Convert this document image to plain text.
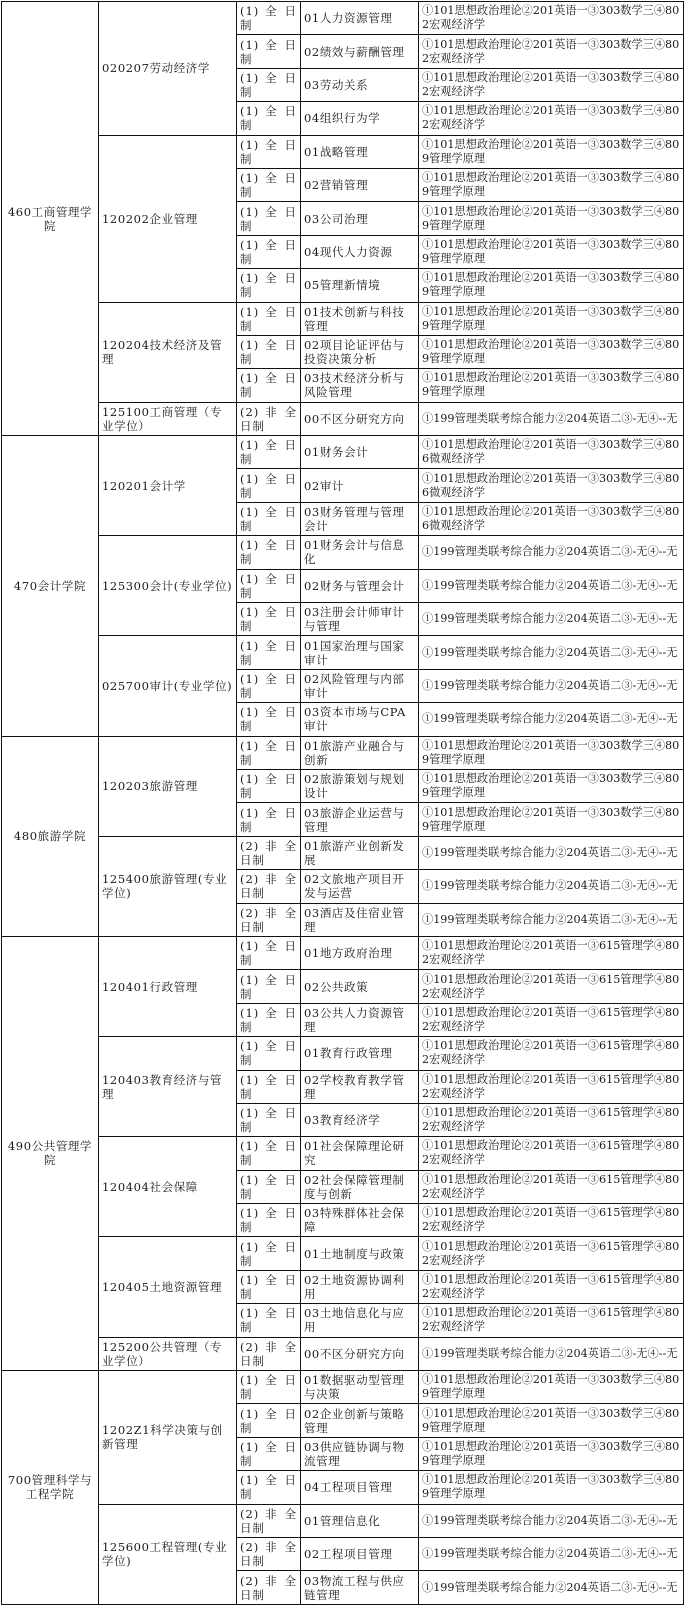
460工商管理学院	020207劳动经济学	(1) 全 日制	01人力资源管理	①101思想政治理论②201英语一③303数学三④802宏观经济学
		(1) 全 日制	02绩效与薪酬管理	①101思想政治理论②201英语一③303数学三④802宏观经济学
		(1) 全 日制	03劳动关系	①101思想政治理论②201英语一③303数学三④802宏观经济学
		(1) 全 日制	04组织行为学	①101思想政治理论②201英语一③303数学三④802宏观经济学
	120202企业管理	(1) 全 日制	01战略管理	①101思想政治理论②201英语一③303数学三④809管理学原理
		(1) 全 日制	02营销管理	①101思想政治理论②201英语一③303数学三④809管理学原理
		(1) 全 日制	03公司治理	①101思想政治理论②201英语一③303数学三④809管理学原理
		(1) 全 日制	04现代人力资源	①101思想政治理论②201英语一③303数学三④809管理学原理
		(1) 全 日制	05管理新情境	①101思想政治理论②201英语一③303数学三④809管理学原理
	120204技术经济及管理	(1) 全 日制	01技术创新与科技管理	①101思想政治理论②201英语一③303数学三④809管理学原理
		(1) 全 日制	02项目论证评估与投资决策分析	①101思想政治理论②201英语一③303数学三④809管理学原理
		(1) 全 日制	03技术经济分析与风险管理	①101思想政治理论②201英语一③303数学三④809管理学原理
	125100工商管理（专业学位）	(2) 非 全日制	00不区分研究方向	①199管理类联考综合能力②204英语二③-无④--无
470会计学院	120201会计学	(1) 全 日制	01财务会计	①101思想政治理论②201英语一③303数学三④806微观经济学
		(1) 全 日制	02审计	①101思想政治理论②201英语一③303数学三④806微观经济学
		(1) 全 日制	03财务管理与管理会计	①101思想政治理论②201英语一③303数学三④806微观经济学
	125300会计(专业学位)	(1) 全 日制	01财务会计与信息化	①199管理类联考综合能力②204英语二③-无④--无
		(1) 全 日制	02财务与管理会计	①199管理类联考综合能力②204英语二③-无④--无
		(1) 全 日制	03注册会计师审计与管理	①199管理类联考综合能力②204英语二③-无④--无
	025700审计(专业学位)	(1) 全 日制	01国家治理与国家审计	①199管理类联考综合能力②204英语二③-无④--无
		(1) 全 日制	02风险管理与内部审计	①199管理类联考综合能力②204英语二③-无④--无
		(1) 全 日制	03资本市场与CPA审计	①199管理类联考综合能力②204英语二③-无④--无
480旅游学院	120203旅游管理	(1) 全 日制	01旅游产业融合与创新	①101思想政治理论②201英语一③303数学三④809管理学原理
		(1) 全 日制	02旅游策划与规划设计	①101思想政治理论②201英语一③303数学三④809管理学原理
		(1) 全 日制	03旅游企业运营与管理	①101思想政治理论②201英语一③303数学三④809管理学原理
	125400旅游管理(专业学位)	(2) 非 全日制	01旅游产业创新发展	①199管理类联考综合能力②204英语二③-无④--无
		(2) 非 全日制	02文旅地产项目开发与运营	①199管理类联考综合能力②204英语二③-无④--无
		(2) 非 全日制	03酒店及住宿业管理	①199管理类联考综合能力②204英语二③-无④--无
490公共管理学院	120401行政管理	(1) 全 日制	01地方政府治理	①101思想政治理论②201英语一③615管理学④802宏观经济学
		(1) 全 日制	02公共政策	①101思想政治理论②201英语一③615管理学④802宏观经济学
		(1) 全 日制	03公共人力资源管理	①101思想政治理论②201英语一③615管理学④802宏观经济学
	120403教育经济与管理	(1) 全 日制	01教育行政管理	①101思想政治理论②201英语一③615管理学④802宏观经济学
		(1) 全 日制	02学校教育教学管理	①101思想政治理论②201英语一③615管理学④802宏观经济学
		(1) 全 日制	03教育经济学	①101思想政治理论②201英语一③615管理学④802宏观经济学
	120404社会保障	(1) 全 日制	01社会保障理论研究	①101思想政治理论②201英语一③615管理学④802宏观经济学
		(1) 全 日制	02社会保障管理制度与创新	①101思想政治理论②201英语一③615管理学④802宏观经济学
		(1) 全 日制	03特殊群体社会保障	①101思想政治理论②201英语一③615管理学④802宏观经济学
	120405土地资源管理	(1) 全 日制	01土地制度与政策	①101思想政治理论②201英语一③615管理学④802宏观经济学
		(1) 全 日制	02土地资源协调利用	①101思想政治理论②201英语一③615管理学④802宏观经济学
		(1) 全 日制	03土地信息化与应用	①101思想政治理论②201英语一③615管理学④802宏观经济学
	125200公共管理（专业学位）	(2) 非 全日制	00不区分研究方向	①199管理类联考综合能力②204英语二③-无④--无
700管理科学与工程学院	1202Z1科学决策与创新管理	(1) 全 日制	01数据驱动型管理与决策	①101思想政治理论②201英语一③303数学三④809管理学原理
		(1) 全 日制	02企业创新与策略管理	①101思想政治理论②201英语一③303数学三④809管理学原理
		(1) 全 日制	03供应链协调与物流管理	①101思想政治理论②201英语一③303数学三④809管理学原理
		(1) 全 日制	04工程项目管理	①101思想政治理论②201英语一③303数学三④809管理学原理
	125600工程管理(专业学位)	(2) 非 全日制	01管理信息化	①199管理类联考综合能力②204英语二③-无④--无
		(2) 非 全日制	02工程项目管理	①199管理类联考综合能力②204英语二③-无④--无
		(2) 非 全日制	03物流工程与供应链管理	①199管理类联考综合能力②204英语二③-无④--无
